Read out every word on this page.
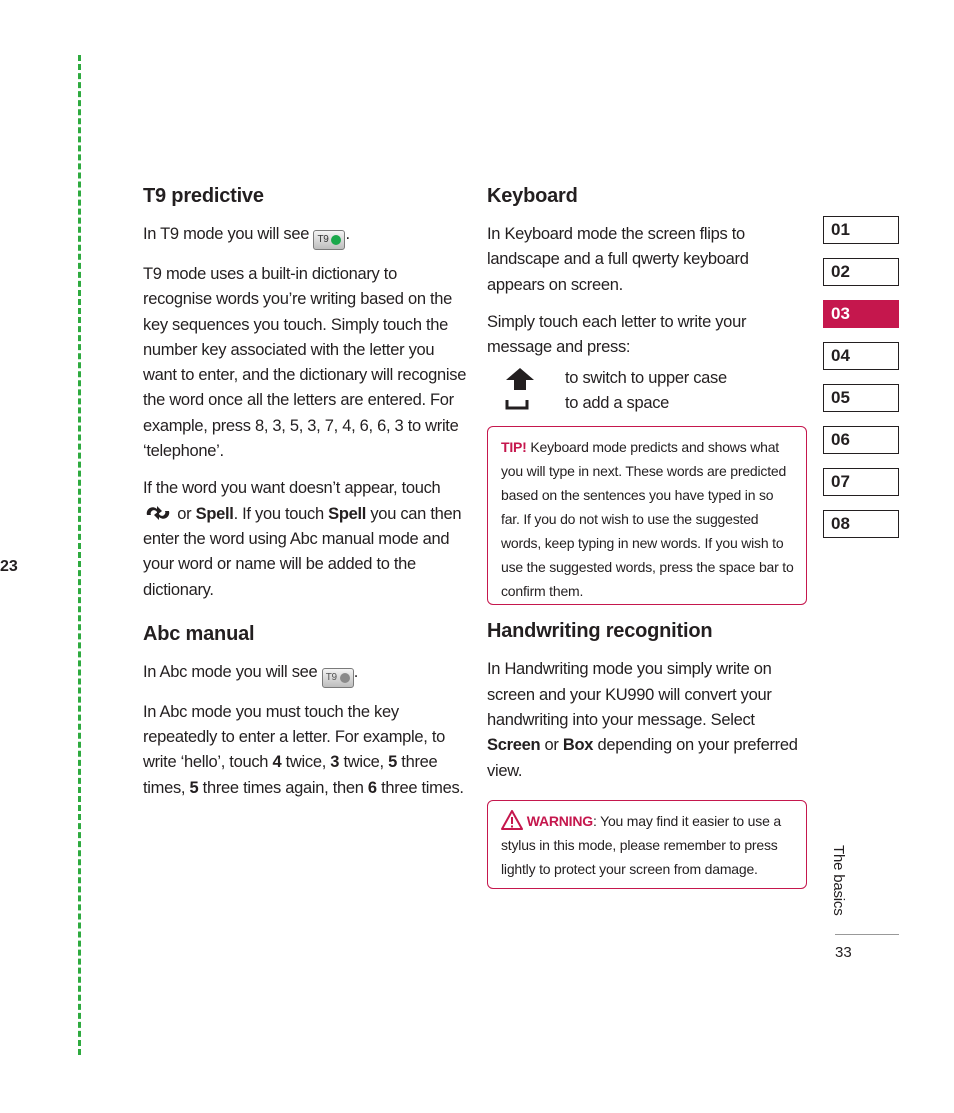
23
T9 predictive

In T9 mode you will see T9 .

T9 mode uses a built-in dictionary to recognise words you’re writing based on the key sequences you touch. Simply touch the number key associated with the letter you want to enter, and the dictionary will recognise the word once all the letters are entered. For example, press 8, 3, 5, 3, 7, 4, 6, 6, 3 to write ‘telephone’.

If the word you want doesn’t appear, touch
or Spell. If you touch Spell you can then enter the word using Abc manual mode and your word or name will be added to the dictionary.

Abc manual

In Abc mode you will see T9 .

In Abc mode you must touch the key repeatedly to enter a letter. For example, to write ‘hello’, touch 4 twice, 3 twice, 5 three times, 5 three times again, then 6 three times.

Keyboard

In Keyboard mode the screen flips to landscape and a full qwerty keyboard appears on screen.

Simply touch each letter to write your message and press:

to switch to upper case
to add a space

TIP! Keyboard mode predicts and shows what you will type in next. These words are predicted based on the sentences you have typed in so far. If you do not wish to use the suggested words, keep typing in new words. If you wish to use the suggested words, press the space bar to confirm them.

Handwriting recognition

In Handwriting mode you simply write on screen and your KU990 will convert your handwriting into your message. Select Screen or Box depending on your preferred view.

WARNING: You may find it easier to use a stylus in this mode, please remember to press lightly to protect your screen from damage.

01
02
03
04
05
06
07
08
The basics
33
